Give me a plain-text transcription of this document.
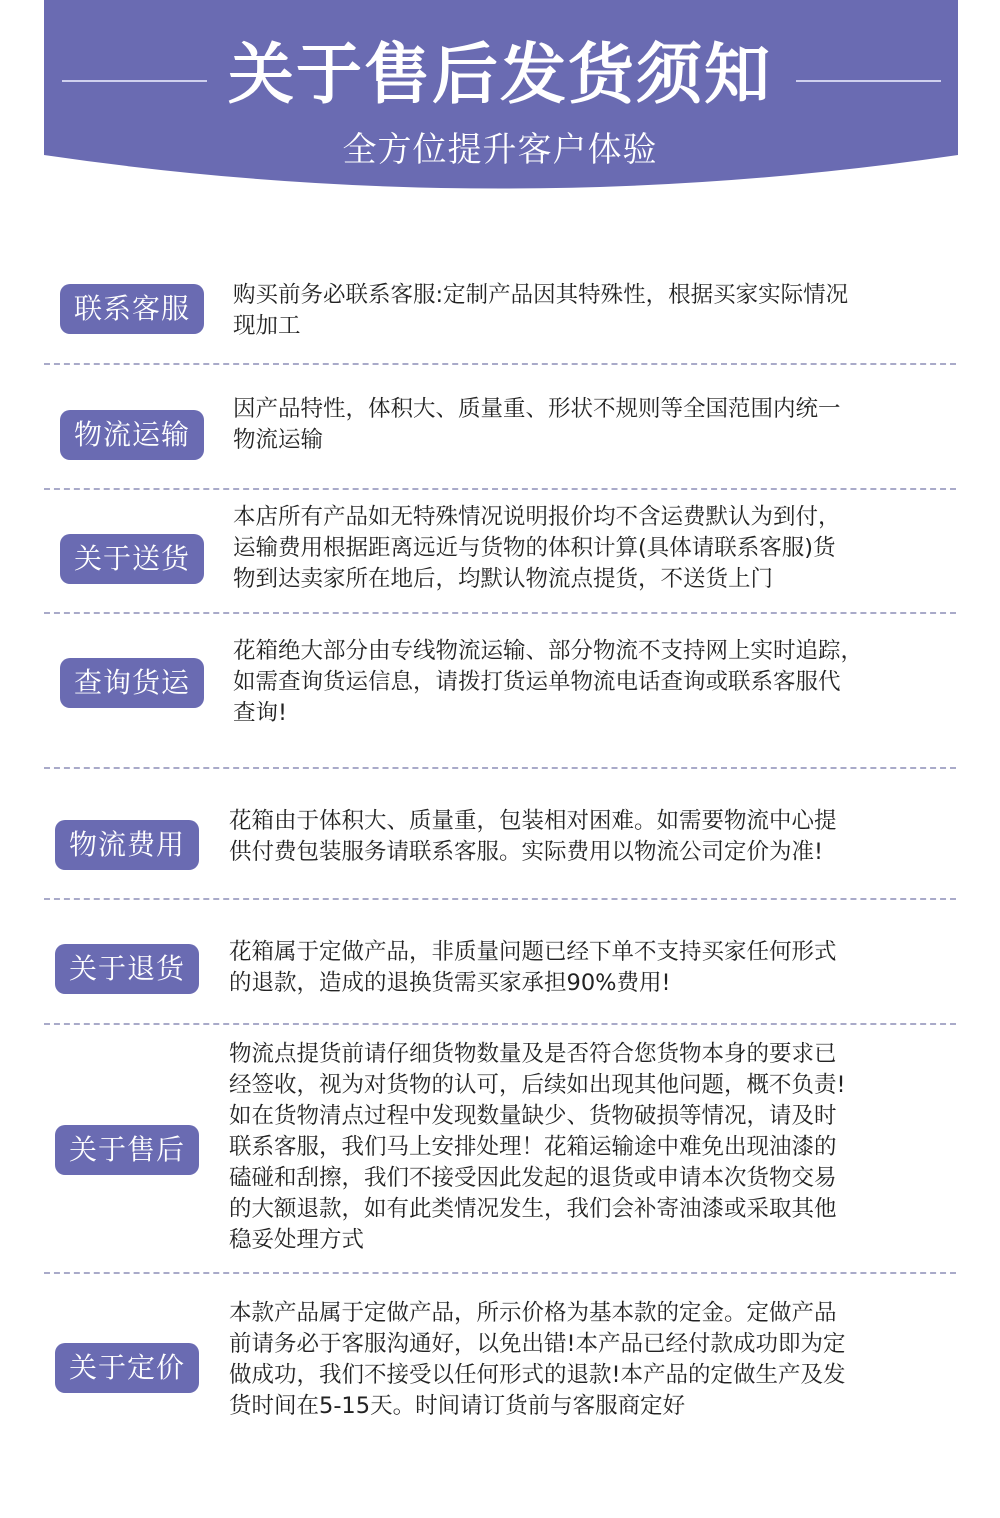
关于售后发货须知
全方位提升客户体验
联系客服	购买前务必联系客服:定制产品因其特殊性，根据买家实际情况
现加工

物流运输

因产品特性，体积大、质量重、形状不规则等全国范围内统一
物流运输

关于送货

本店所有产品如无特殊情况说明报价均不含运费默认为到付，
运输费用根据距离远近与货物的体积计算(具体请联系客服)货
物到达卖家所在地后，均默认物流点提货，不送货上门

查询货运

花箱绝大部分由专线物流运输、部分物流不支持网上实时追踪，
如需查询货运信息，请拨打货运单物流电话查询或联系客服代
查询!

物流费用

花箱由于体积大、质量重，包装相对困难。如需要物流中心提
供付费包装服务请联系客服。实际费用以物流公司定价为准!

关于退货	花箱属于定做产品，非质量问题已经下单不支持买家任何形式
的退款，造成的退换货需买家承担90%费用!

关于售后

物流点提货前请仔细货物数量及是否符合您货物本身的要求已
经签收，视为对货物的认可，后续如出现其他问题，概不负责!
如在货物清点过程中发现数量缺少、货物破损等情况，请及时
联系客服，我们马上安排处理！花箱运输途中难免出现油漆的
磕碰和刮擦，我们不接受因此发起的退货或申请本次货物交易
的大额退款，如有此类情况发生，我们会补寄油漆或采取其他
稳妥处理方式

关于定价

本款产品属于定做产品，所示价格为基本款的定金。定做产品
前请务必于客服沟通好，以免出错!本产品已经付款成功即为定
做成功，我们不接受以任何形式的退款!本产品的定做生产及发
货时间在5-15天。时间请订货前与客服商定好
